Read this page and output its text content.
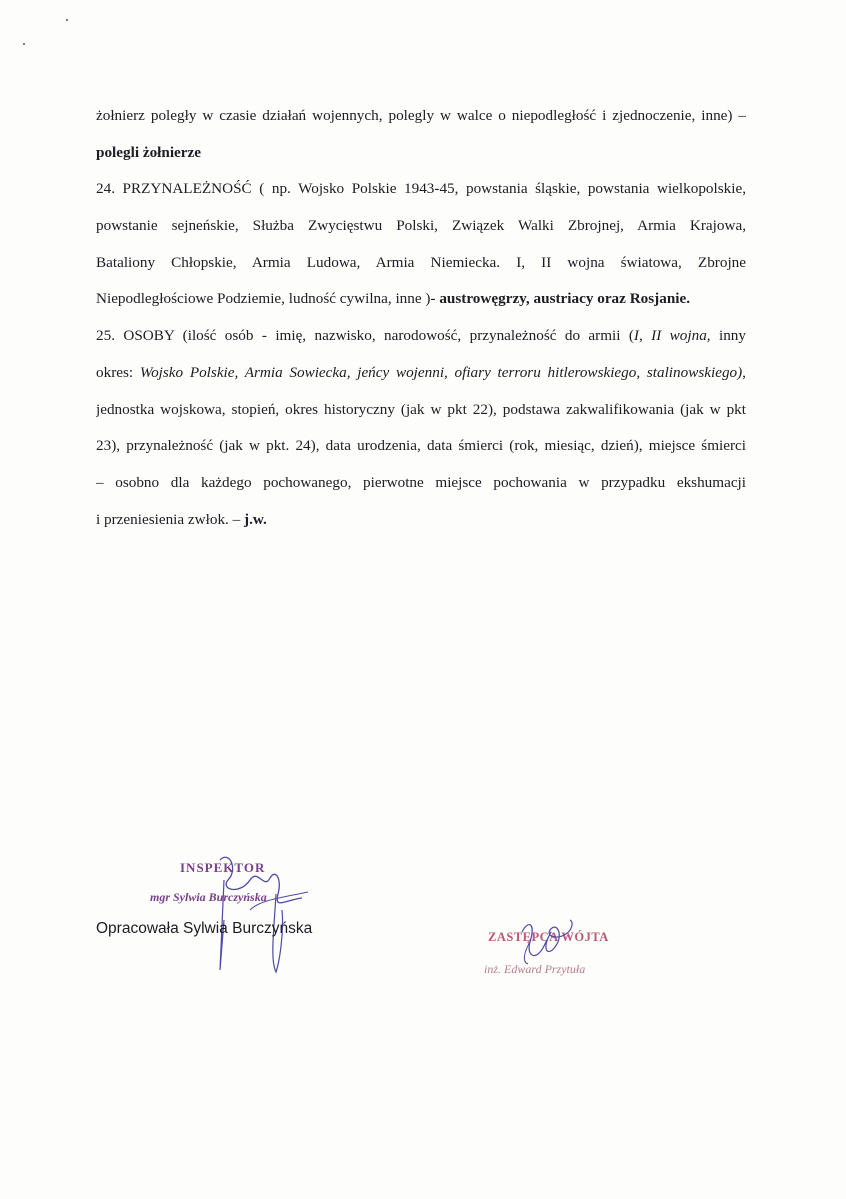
żołnierz poległy w czasie działań wojennych, polegly w walce o niepodległość i zjednoczenie, inne) –
polegli żołnierze
24. PRZYNALEŻNOŚĆ ( np. Wojsko Polskie 1943-45, powstania śląskie, powstania wielkopolskie,
powstanie sejneńskie, Służba Zwycięstwu Polski, Związek Walki Zbrojnej, Armia Krajowa,
Bataliony Chłopskie, Armia Ludowa, Armia Niemiecka. I, II wojna światowa, Zbrojne
Niepodległościowe Podziemie, ludność cywilna, inne )- austrowęgrzy, austriacy oraz Rosjanie.
25. OSOBY (ilość osób - imię, nazwisko, narodowość, przynależność do armii (I, II wojna, inny
okres: Wojsko Polskie, Armia Sowiecka, jeńcy wojenni, ofiary terroru hitlerowskiego, stalinowskiego),
jednostka wojskowa, stopień, okres historyczny (jak w pkt 22), podstawa zakwalifikowania (jak w pkt
23), przynależność (jak w pkt. 24), data urodzenia, data śmierci (rok, miesiąc, dzień), miejsce śmierci
– osobno dla każdego pochowanego, pierwotne miejsce pochowania w przypadku ekshumacji
i przeniesienia zwłok. – j.w.
INSPEKTOR
mgr Sylwia Burczyńska
Opracowała Sylwia Burczyńska	ZASTĘPCA WÓJTA
inż. Edward Przytuła
